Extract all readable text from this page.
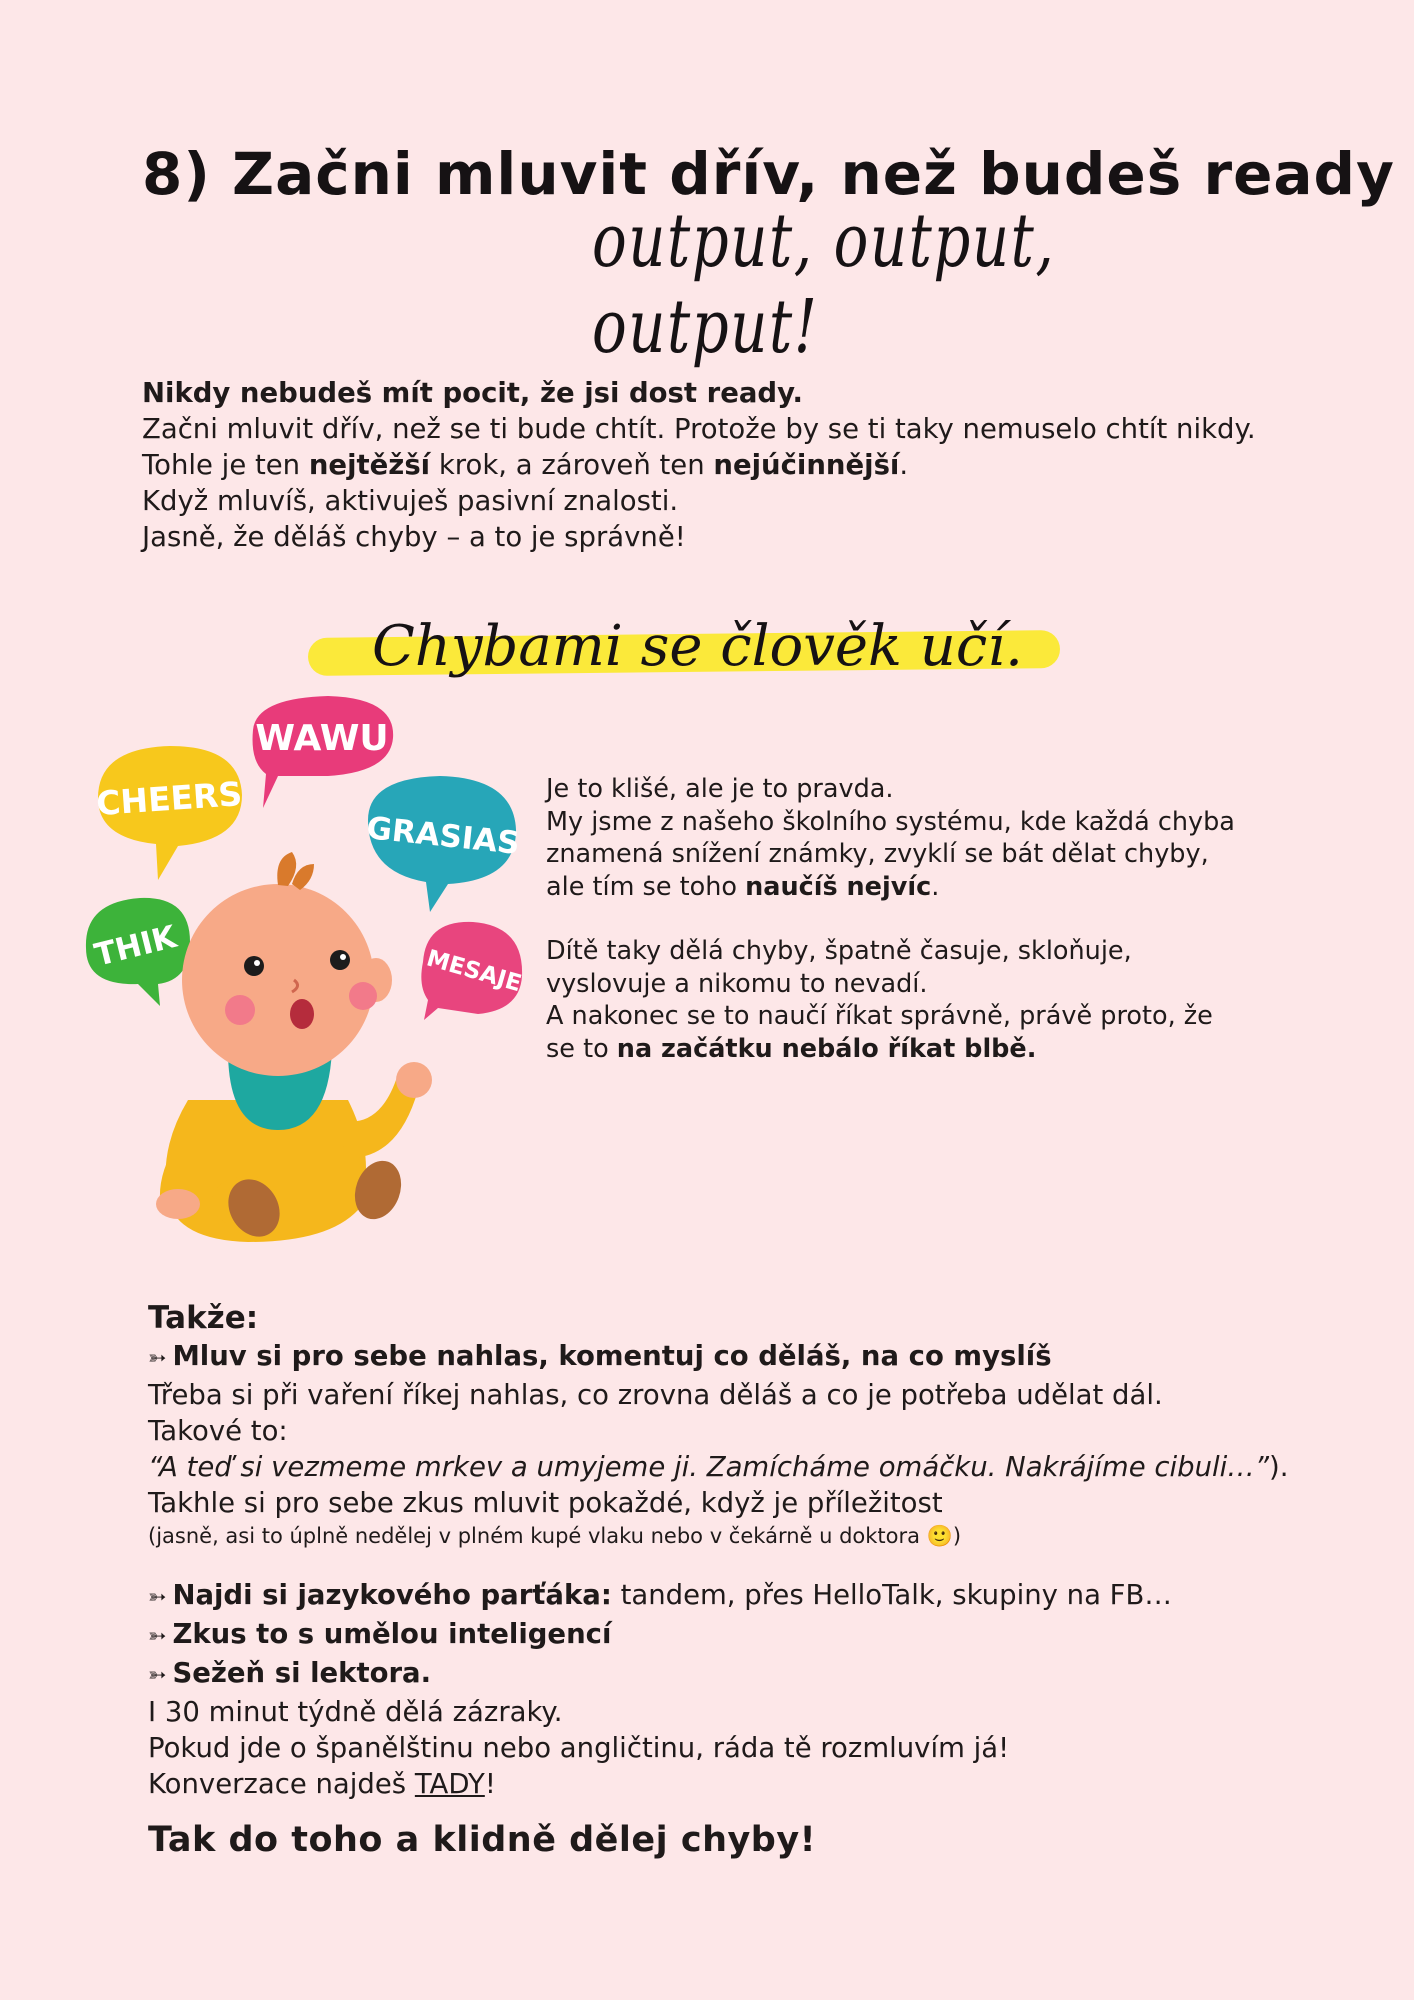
8) Začni mluvit dřív, než budeš ready
output, output, output!

Nikdy nebudeš mít pocit, že jsi dost ready.

Začni mluvit dřív, než se ti bude chtít. Protože by se ti taky nemuselo chtít nikdy.

Tohle je ten nejtěžší krok, a zároveň ten nejúčinnější.

Když mluvíš, aktivuješ pasivní znalosti.

Jasně, že děláš chyby – a to je správně!

Chybami se člověk učí.
WAWU
CHEERS
GRASIAS
THIK	MESAJE

Je to klišé, ale je to pravda.

My jsme z našeho školního systému, kde každá chyba

znamená snížení známky, zvyklí se bát dělat chyby,

ale tím se toho naučíš nejvíc.

Dítě taky dělá chyby, špatně časuje, skloňuje,

vyslovuje a nikomu to nevadí.

A nakonec se to naučí říkat správně, právě proto, že

se to na začátku nebálo říkat blbě.

Takže:

➳ Mluv si pro sebe nahlas, komentuj co děláš, na co myslíš

Třeba si při vaření říkej nahlas, co zrovna děláš a co je potřeba udělat dál.

Takové to:

“A teď si vezmeme mrkev a umyjeme ji. Zamícháme omáčku. Nakrájíme cibuli…”).

Takhle si pro sebe zkus mluvit pokaždé, když je příležitost

(jasně, asi to úplně nedělej v plném kupé vlaku nebo v čekárně u doktora 🙂)

➳ Najdi si jazykového parťáka: tandem, přes HelloTalk, skupiny na FB…

➳ Zkus to s umělou inteligencí

➳ Sežeň si lektora.

I 30 minut týdně dělá zázraky.

Pokud jde o španělštinu nebo angličtinu, ráda tě rozmluvím já!

Konverzace najdeš TADY!

Tak do toho a klidně dělej chyby!
